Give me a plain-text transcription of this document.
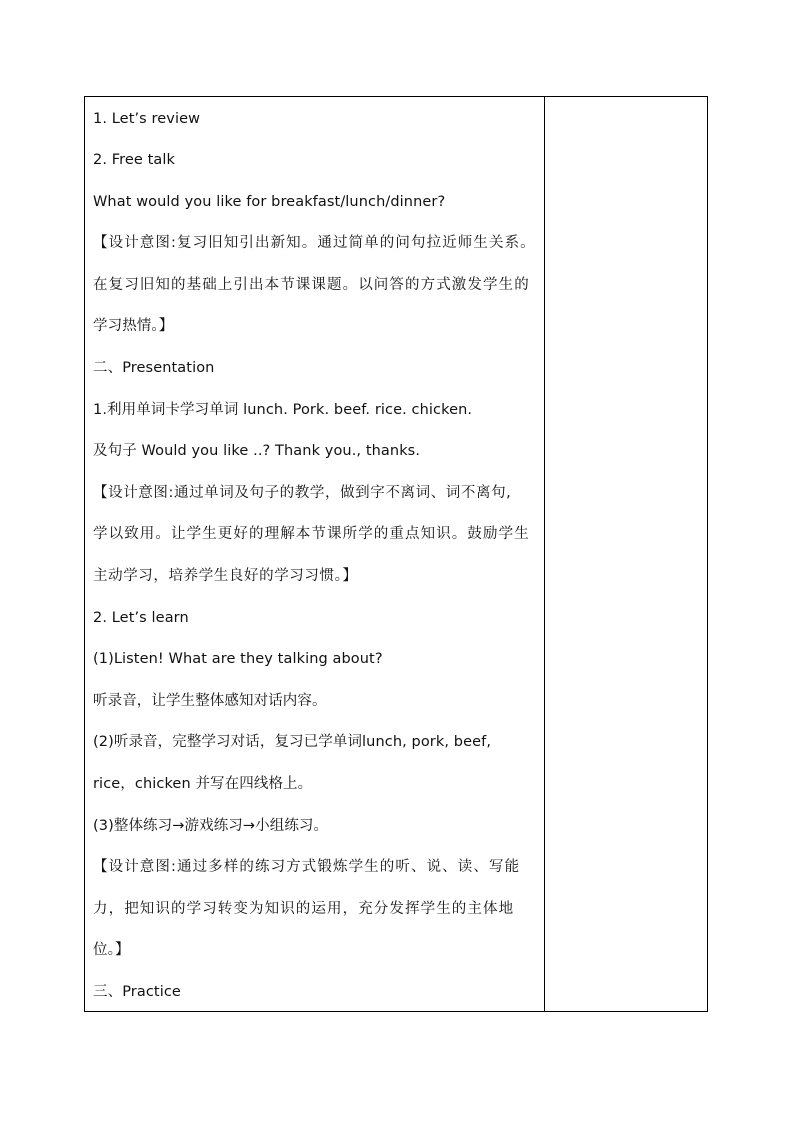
1. Let’s review
2. Free talk
What would you like for breakfast/lunch/dinner?
【设计意图:复习旧知引出新知。通过简单的问句拉近师生关系。
在复习旧知的基础上引出本节课课题。以问答的方式激发学生的
学习热情。】
二、Presentation
1.利用单词卡学习单词 lunch. Pork. beef. rice. chicken.
及句子 Would you like ..? Thank you., thanks.
【设计意图:通过单词及句子的教学，做到字不离词、词不离句,
学以致用。让学生更好的理解本节课所学的重点知识。鼓励学生
主动学习，培养学生良好的学习习惯。】
2. Let’s learn
(1)Listen! What are they talking about?
听录音，让学生整体感知对话内容。
(2)听录音，完整学习对话，复习已学单词lunch, pork, beef,
rice，chicken 并写在四线格上。
(3)整体练习→游戏练习→小组练习。
【设计意图:通过多样的练习方式锻炼学生的听、说、读、写能
力，把知识的学习转变为知识的运用，充分发挥学生的主体地
位。】
三、Practice
